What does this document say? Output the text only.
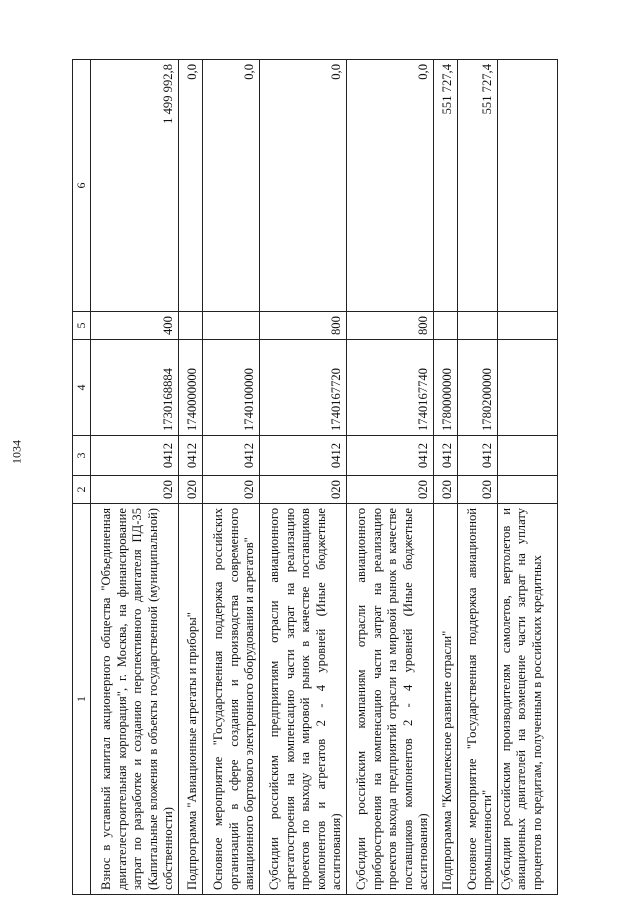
1034
1	2	3	4	5	6
Взнос в уставный капитал акционерного общества "Объединенная двигателестроительная корпорация", г. Москва, на финансирование затрат по разработке и созданию перспективного двигателя ПД-35 (Капитальные вложения в объекты государственной (муниципальной) собственности)	020	0412	1730168884	400	1 499 992,8
Подпрограмма "Авиационные агрегаты и приборы"	020	0412	1740000000		0,0
Основное мероприятие "Государственная поддержка российских организаций в сфере создания и производства современного авиационного бортового электронного оборудования и агрегатов"	020	0412	1740100000		0,0
Субсидии российским предприятиям отрасли авиационного агрегатостроения на компенсацию части затрат на реализацию проектов по выходу на мировой рынок в качестве поставщиков компонентов и агрегатов 2 - 4 уровней (Иные бюджетные ассигнования)	020	0412	1740167720	800	0,0
Субсидии российским компаниям отрасли авиационного приборостроения на компенсацию части затрат на реализацию проектов выхода предприятий отрасли на мировой рынок в качестве поставщиков компонентов 2 - 4 уровней (Иные бюджетные ассигнования)	020	0412	1740167740	800	0,0
Подпрограмма "Комплексное развитие отрасли"	020	0412	1780000000		551 727,4
Основное мероприятие "Государственная поддержка авиационной промышленности"	020	0412	1780200000		551 727,4
Субсидии российским производителям самолетов, вертолетов и авиационных двигателей на возмещение части затрат на уплату процентов по кредитам, полученным в российских кредитных					
